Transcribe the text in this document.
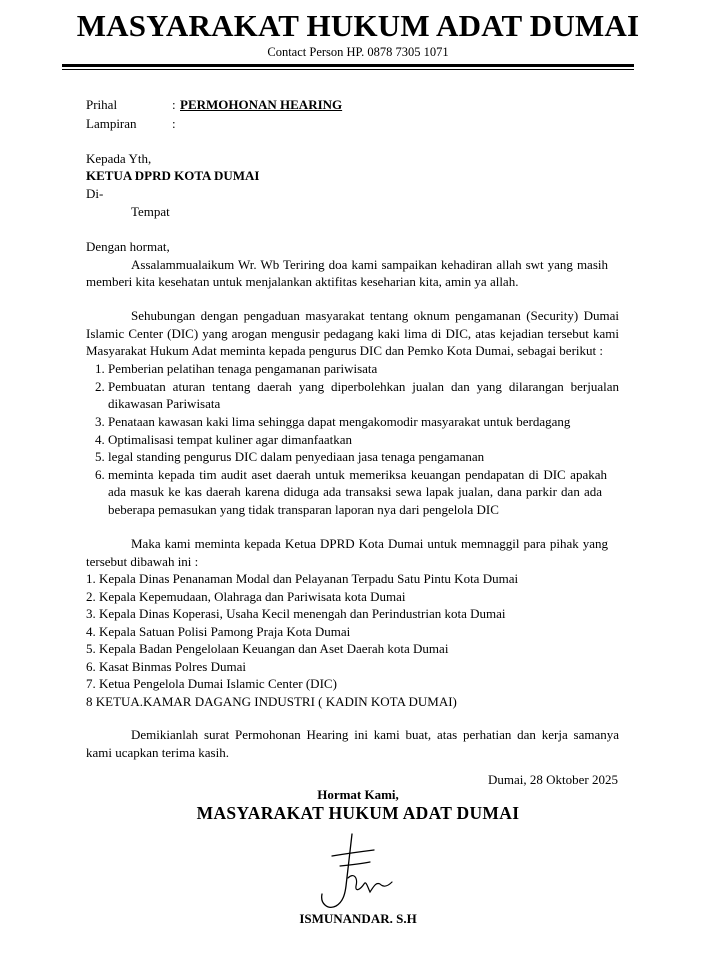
MASYARAKAT HUKUM ADAT DUMAI
Contact Person HP. 0878 7305 1071
Prihal	: PERMOHONAN HEARING
Lampiran	:
Kepada Yth,
KETUA DPRD KOTA DUMAI
Di-
Tempat
Dengan hormat,
Assalammualaikum Wr. Wb Teriring doa kami sampaikan kehadiran allah swt yang masih
memberi kita kesehatan untuk menjalankan aktifitas keseharian kita, amin ya allah.
Sehubungan dengan pengaduan masyarakat tentang oknum pengamanan (Security) Dumai
Islamic Center (DIC) yang arogan mengusir pedagang kaki lima di DIC, atas kejadian tersebut kami
Masyarakat Hukum Adat meminta kepada pengurus DIC dan Pemko Kota Dumai, sebagai berikut :
1. Pemberian pelatihan tenaga pengamanan pariwisata
2. Pembuatan aturan tentang daerah yang diperbolehkan jualan dan yang dilarangan berjualan
dikawasan Pariwisata
3. Penataan kawasan kaki lima sehingga dapat mengakomodir masyarakat untuk berdagang
4. Optimalisasi tempat kuliner agar dimanfaatkan
5. legal standing pengurus DIC dalam penyediaan jasa tenaga pengamanan
6. meminta kepada tim audit aset daerah untuk memeriksa keuangan pendapatan di DIC apakah
ada masuk ke kas daerah karena diduga ada transaksi sewa lapak jualan, dana parkir dan ada
beberapa pemasukan yang tidak transparan laporan nya dari pengelola DIC
Maka kami meminta kepada Ketua DPRD Kota Dumai untuk memnaggil para pihak yang
tersebut dibawah ini :
1. Kepala Dinas Penanaman Modal dan Pelayanan Terpadu Satu Pintu Kota Dumai
2. Kepala Kepemudaan, Olahraga dan Pariwisata kota Dumai
3. Kepala Dinas Koperasi, Usaha Kecil menengah dan Perindustrian kota Dumai
4. Kepala Satuan Polisi Pamong Praja Kota Dumai
5. Kepala Badan Pengelolaan Keuangan dan Aset Daerah kota Dumai
6. Kasat Binmas Polres Dumai
7. Ketua Pengelola Dumai Islamic Center (DIC)
8 KETUA.KAMAR DAGANG INDUSTRI ( KADIN KOTA DUMAI)
Demikianlah surat Permohonan Hearing ini kami buat, atas perhatian dan kerja samanya
kami ucapkan terima kasih.
Dumai, 28 Oktober 2025
Hormat Kami,
MASYARAKAT HUKUM ADAT DUMAI
ISMUNANDAR. S.H
